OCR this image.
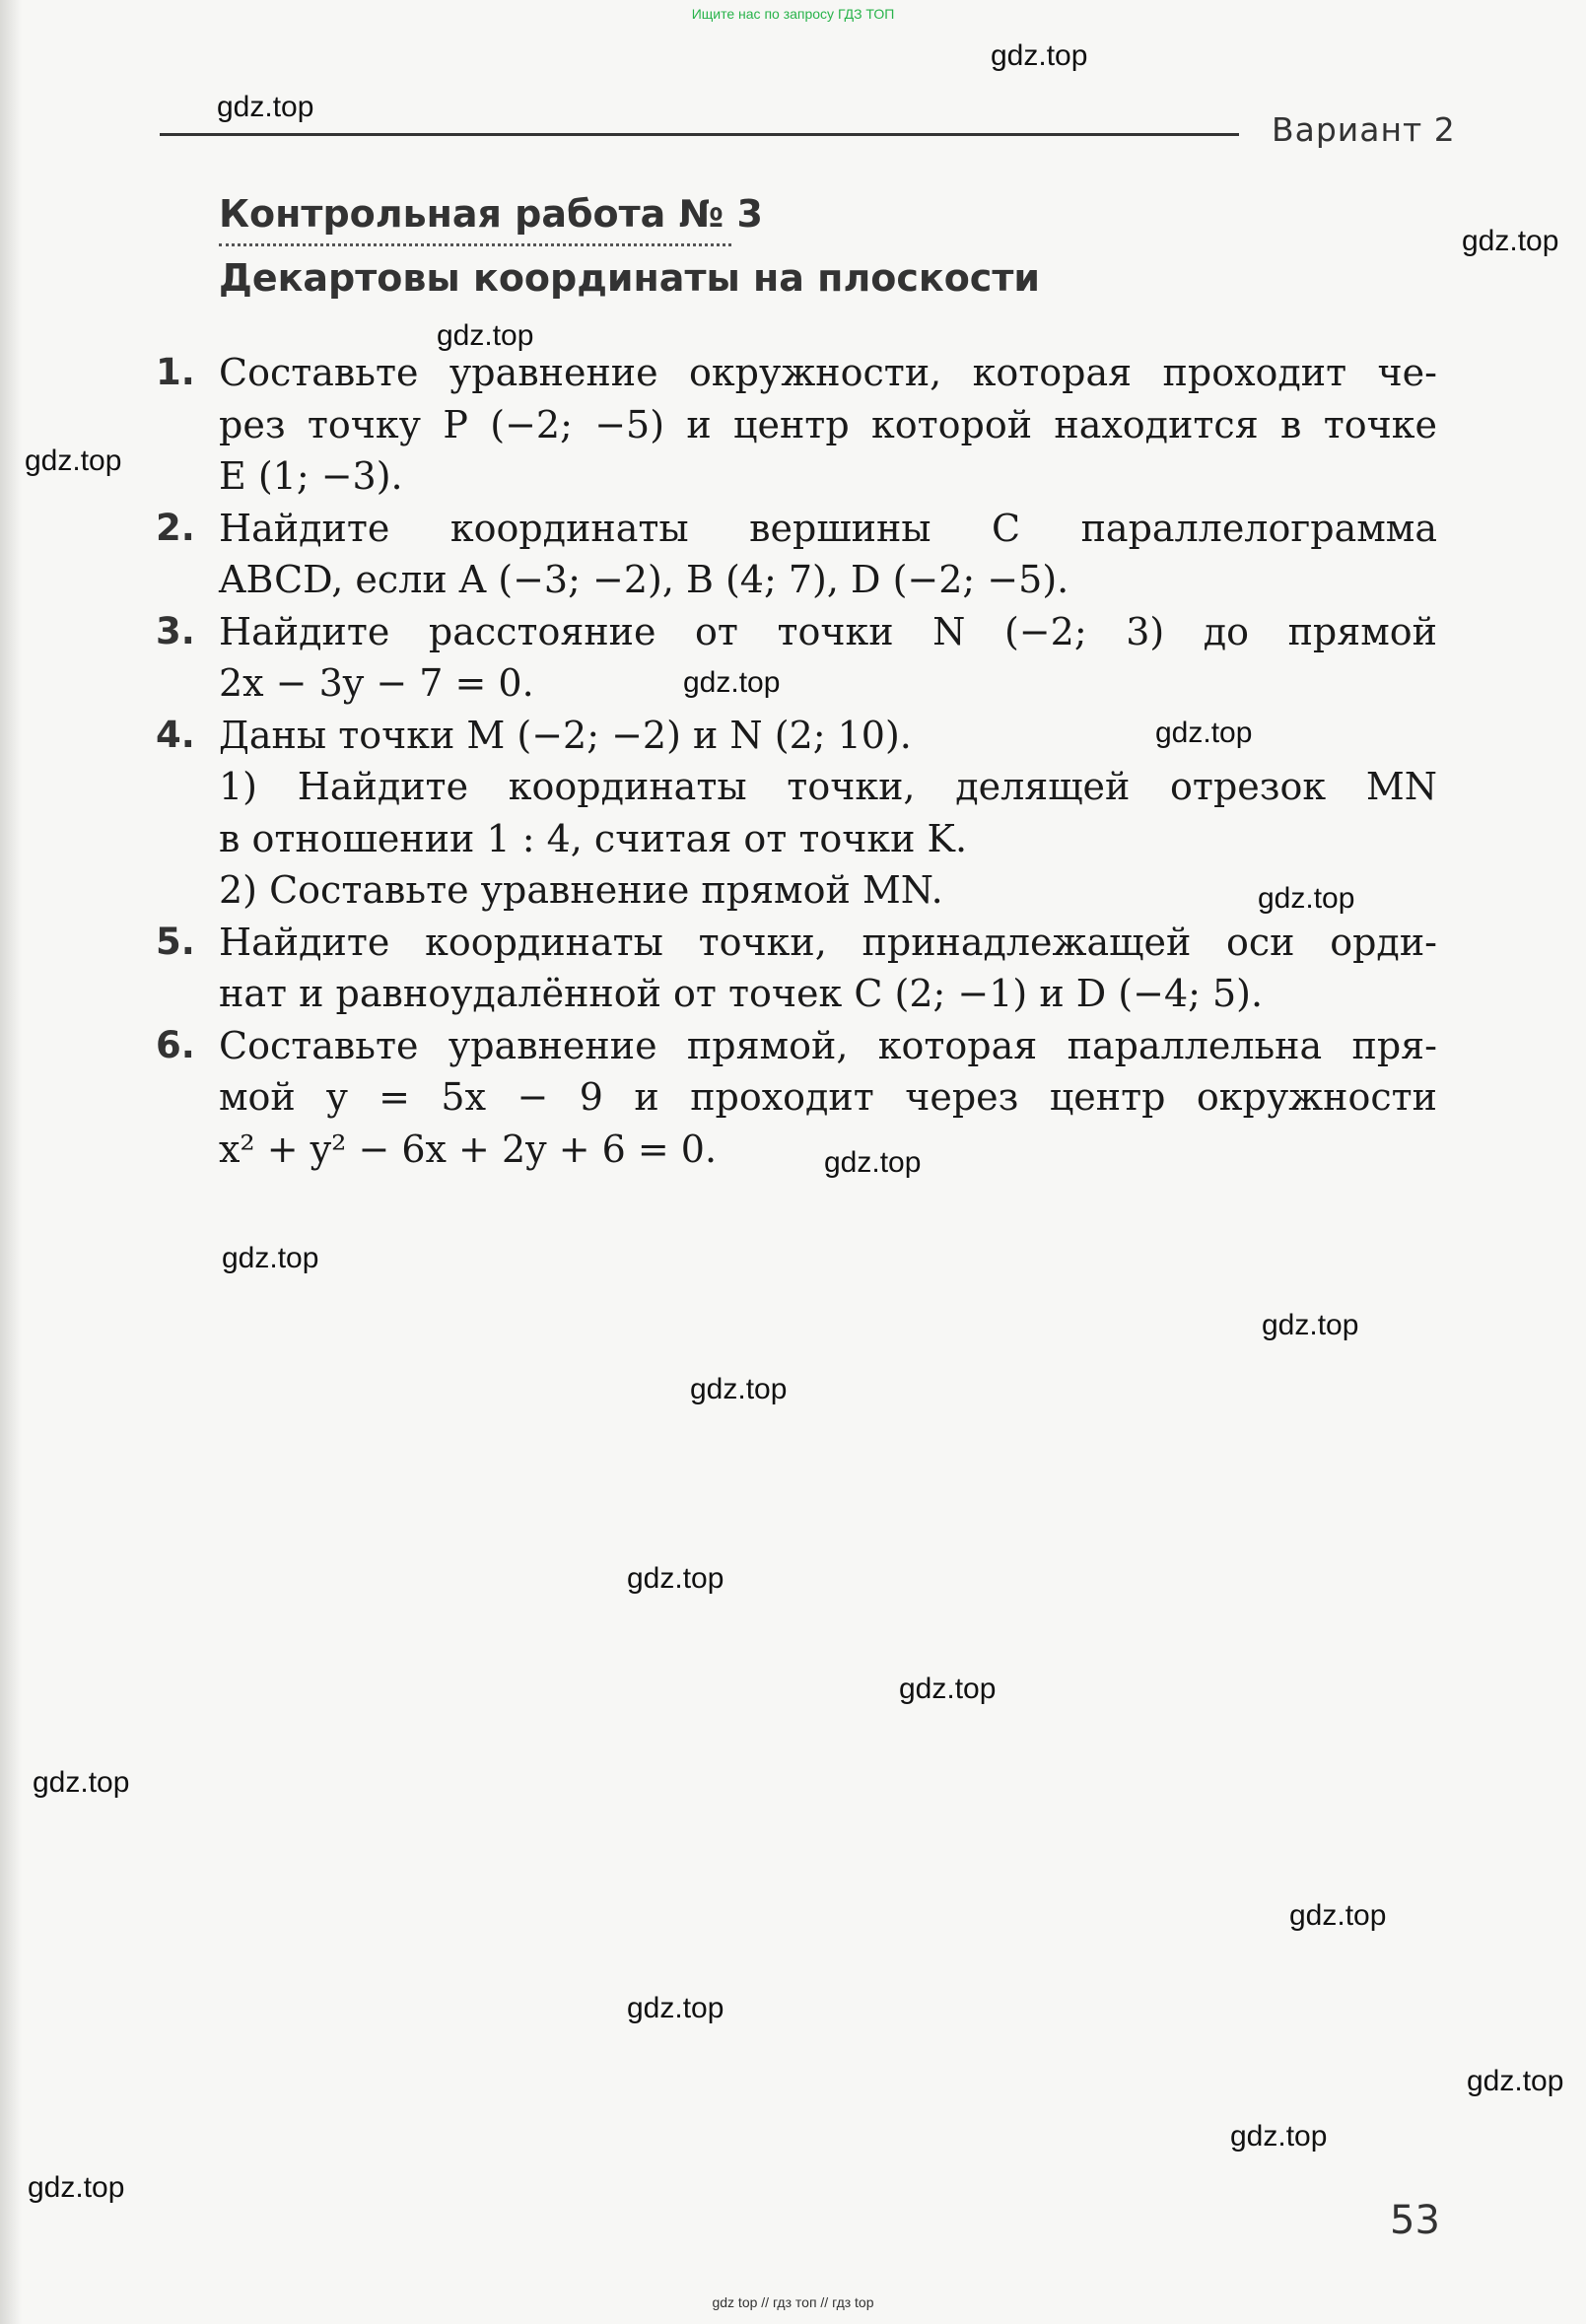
Ищите нас по запросу ГДЗ ТОП
gdz.top
gdz.top
gdz.top
gdz.top
gdz.top
gdz.top
gdz.top
gdz.top
gdz.top
gdz.top
gdz.top
gdz.top
gdz.top
gdz.top
gdz.top
gdz.top
gdz.top
gdz.top
gdz.top
gdz.top
Вариант 2
Контрольная работа № 3
Декартовы координаты на плоскости
1. Составьте уравнение окружности, которая проходит че-
рез точку P (−2; −5) и центр которой находится в точке
E (1; −3).
2. Найдите координаты вершины C параллелограмма
ABCD, если A (−3; −2), B (4; 7), D (−2; −5).
3. Найдите расстояние от точки N (−2; 3) до прямой
2x − 3y − 7 = 0.
4. Даны точки M (−2; −2) и N (2; 10).
1) Найдите координаты точки, делящей отрезок MN
в отношении 1 : 4, считая от точки K.
2) Составьте уравнение прямой MN.
5. Найдите координаты точки, принадлежащей оси орди-
нат и равноудалённой от точек C (2; −1) и D (−4; 5).
6. Составьте уравнение прямой, которая параллельна пря-
мой y = 5x − 9 и проходит через центр окружности
x² + y² − 6x + 2y + 6 = 0.
53
gdz top // гдз топ // гдз top
